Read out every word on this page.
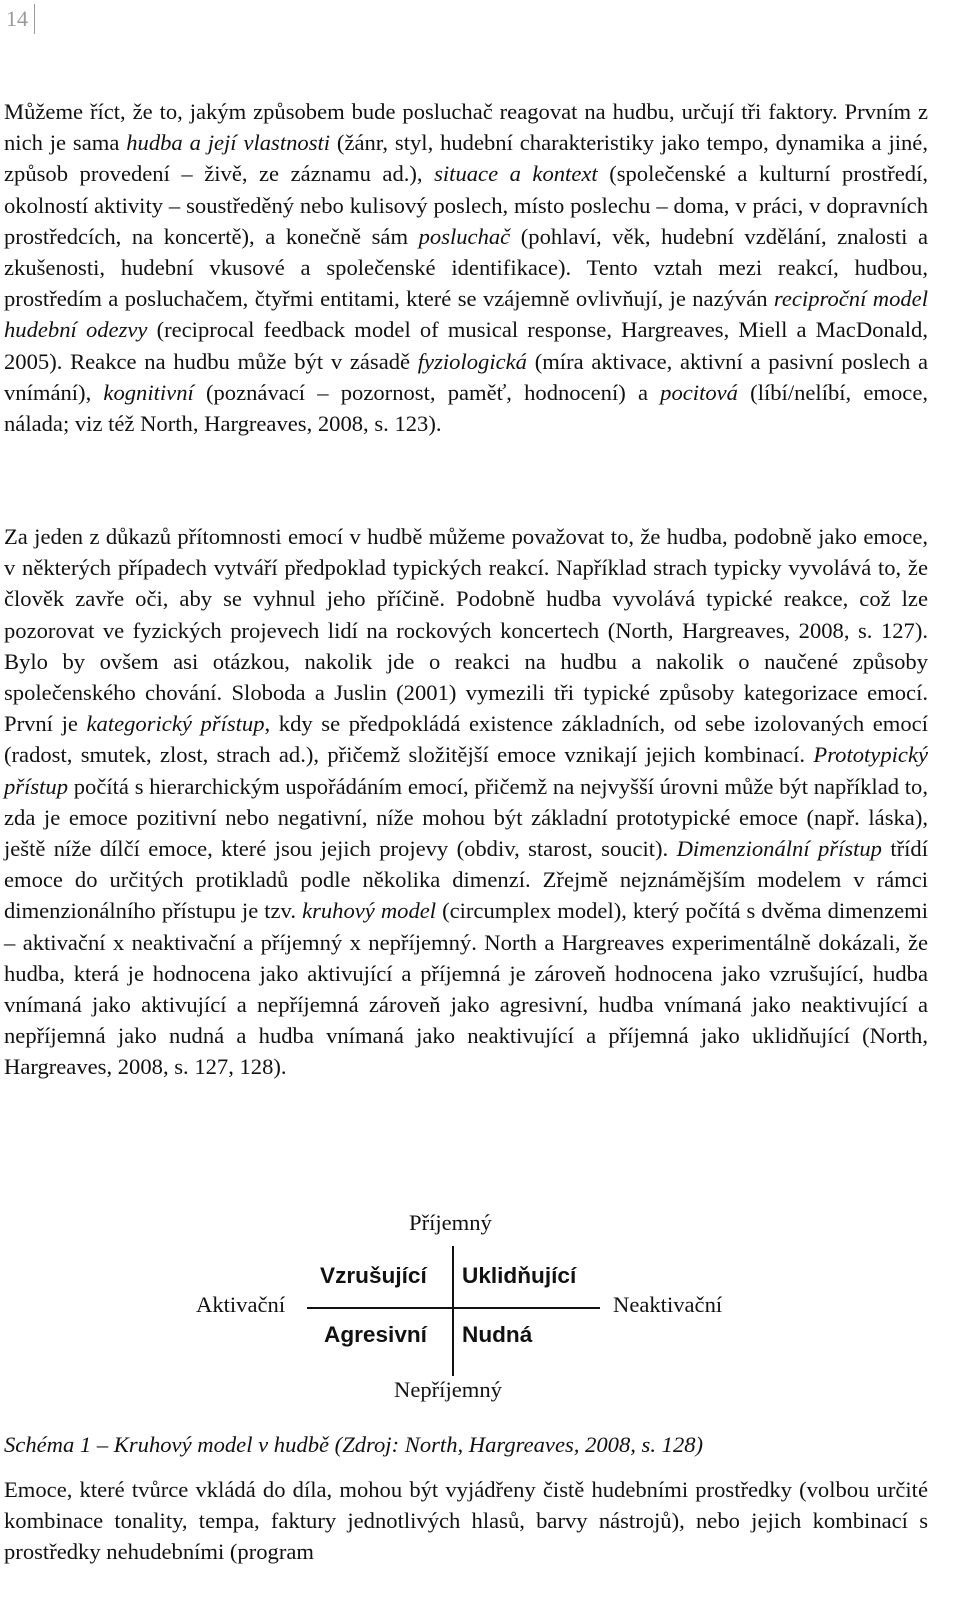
14

Můžeme říct, že to, jakým způsobem bude posluchač reagovat na hudbu, určují tři faktory. Prvním z nich je sama hudba a její vlastnosti (žánr, styl, hudební charakteristiky jako tempo, dynamika a jiné, způsob provedení – živě, ze záznamu ad.), situace a kontext (společenské a kulturní prostředí, okolností aktivity – soustředěný nebo kulisový poslech, místo poslechu – doma, v práci, v dopravních prostředcích, na koncertě), a konečně sám posluchač (pohlaví, věk, hudební vzdělání, znalosti a zkušenosti, hudební vkusové a společenské identifikace). Tento vztah mezi reakcí, hudbou, prostředím a posluchačem, čtyřmi entitami, které se vzájemně ovlivňují, je nazýván reciproční model hudební odezvy (reciprocal feedback model of musical response, Hargreaves, Miell a MacDonald, 2005). Reakce na hudbu může být v zásadě fyziologická (míra aktivace, aktivní a pasivní poslech a vnímání), kognitivní (poznávací – pozornost, paměť, hodnocení) a pocitová (líbí/nelíbí, emoce, nálada; viz též North, Hargreaves, 2008, s. 123).

Za jeden z důkazů přítomnosti emocí v hudbě můžeme považovat to, že hudba, podobně jako emoce, v některých případech vytváří předpoklad typických reakcí. Například strach typicky vyvolává to, že člověk zavře oči, aby se vyhnul jeho příčině. Podobně hudba vyvolává typické reakce, což lze pozorovat ve fyzických projevech lidí na rockových koncertech (North, Hargreaves, 2008, s. 127). Bylo by ovšem asi otázkou, nakolik jde o reakci na hudbu a nakolik o naučené způsoby společenského chování. Sloboda a Juslin (2001) vymezili tři typické způsoby kategorizace emocí. První je kategorický přístup, kdy se předpokládá existence základních, od sebe izolovaných emocí (radost, smutek, zlost, strach ad.), přičemž složitější emoce vznikají jejich kombinací. Prototypický přístup počítá s hierarchickým uspořádáním emocí, přičemž na nejvyšší úrovni může být například to, zda je emoce pozitivní nebo negativní, níže mohou být základní prototypické emoce (např. láska), ještě níže dílčí emoce, které jsou jejich projevy (obdiv, starost, soucit). Dimenzionální přístup třídí emoce do určitých protikladů podle několika dimenzí. Zřejmě nejznámějším modelem v rámci dimenzionálního přístupu je tzv. kruhový model (circumplex model), který počítá s dvěma dimenzemi – aktivační x neaktivační a příjemný x nepříjemný. North a Hargreaves experimentálně dokázali, že hudba, která je hodnocena jako aktivující a příjemná je zároveň hodnocena jako vzrušující, hudba vnímaná jako aktivující a nepříjemná zároveň jako agresivní, hudba vnímaná jako neaktivující a nepříjemná jako nudná a hudba vnímaná jako neaktivující a příjemná jako uklidňující (North, Hargreaves, 2008, s. 127, 128).

Příjemný
Aktivační	Neaktivační
Nepříjemný
Vzrušující Uklidňující
Agresivní Nudná
Schéma 1 – Kruhový model v hudbě (Zdroj: North, Hargreaves, 2008, s. 128)

Emoce, které tvůrce vkládá do díla, mohou být vyjádřeny čistě hudebními prostředky (volbou určité kombinace tonality, tempa, faktury jednotlivých hlasů, barvy nástrojů), nebo jejich kombinací s prostředky nehudebními (program
